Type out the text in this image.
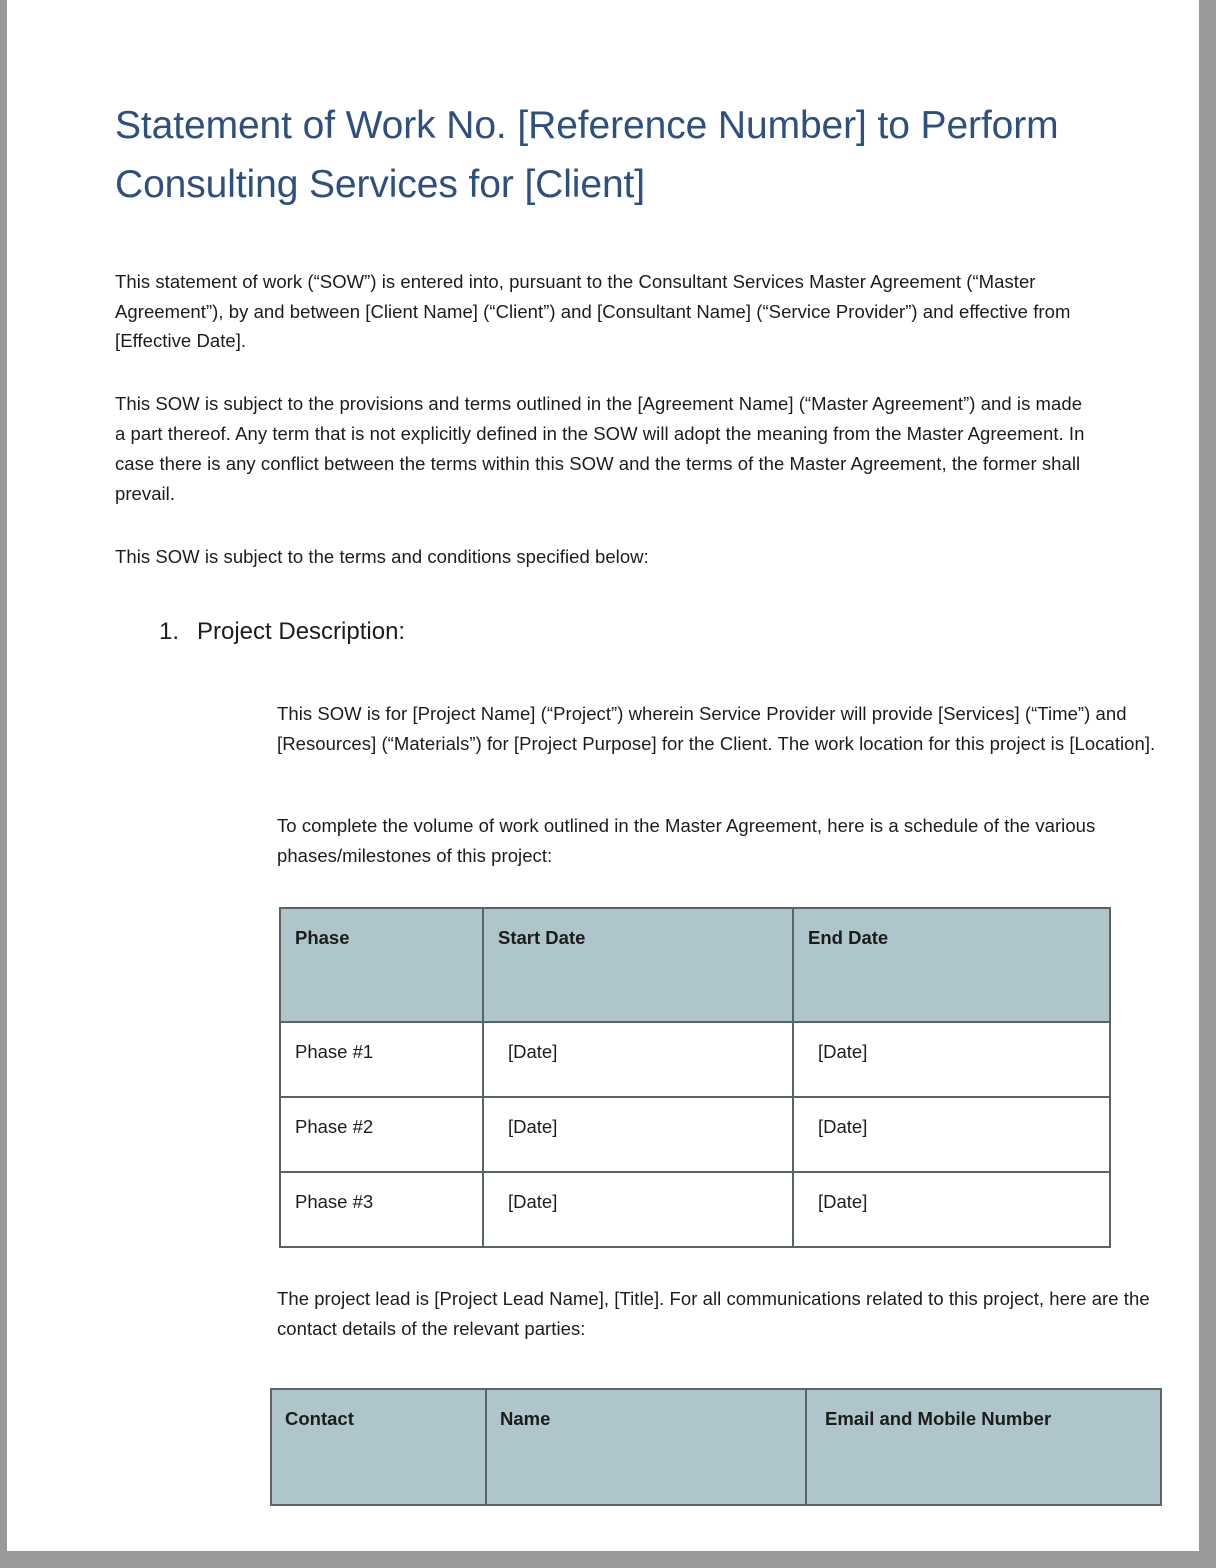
Statement of Work No. [Reference Number] to Perform Consulting Services for [Client]

This statement of work (“SOW”) is entered into, pursuant to the Consultant Services Master Agreement (“Master Agreement”), by and between [Client Name] (“Client”) and [Consultant Name] (“Service Provider”) and effective from [Effective Date].

This SOW is subject to the provisions and terms outlined in the [Agreement Name] (“Master Agreement”) and is made a part thereof. Any term that is not explicitly defined in the SOW will adopt the meaning from the Master Agreement. In case there is any conflict between the terms within this SOW and the terms of the Master Agreement, the former shall prevail.

This SOW is subject to the terms and conditions specified below:

1. Project Description:

This SOW is for [Project Name] (“Project”) wherein Service Provider will provide [Services] (“Time”) and [Resources] (“Materials”) for [Project Purpose] for the Client. The work location for this project is [Location].

To complete the volume of work outlined in the Master Agreement, here is a schedule of the various phases/milestones of this project:

Phase	Start Date	End Date
Phase #1	[Date]	[Date]
Phase #2	[Date]	[Date]
Phase #3	[Date]	[Date]

The project lead is [Project Lead Name], [Title]. For all communications related to this project, here are the contact details of the relevant parties:

Contact	Name	Email and Mobile Number
